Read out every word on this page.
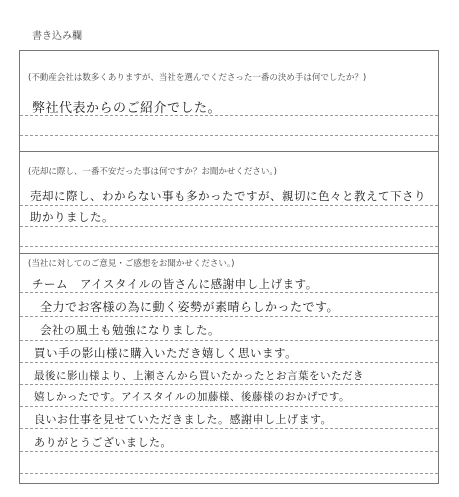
書き込み欄
(不動産会社は数多くありますが、当社を選んでくださった一番の決め手は何でしたか？)
弊社代表からのご紹介でした。
(売却に際し、一番不安だった事は何ですか？お聞かせください。)
売却に際し、わからない事も多かったですが、親切に色々と教えて下さり
助かりました。
(当社に対してのご意見・ご感想をお聞かせください。)
チーム　アイスタイルの皆さんに感謝申し上げます。
全力でお客様の為に動く姿勢が素晴らしかったです。
会社の風土も勉強になりました。
買い手の影山様に購入いただき嬉しく思います。
最後に影山様より、上瀬さんから買いたかったとお言葉をいただき
嬉しかったです。アイスタイルの加藤様、後藤様のおかげです。
良いお仕事を見せていただきました。感謝申し上げます。
ありがとうございました。
